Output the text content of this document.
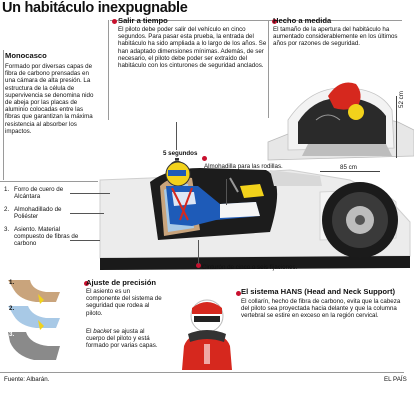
Un habitáculo inexpugnable
Monocasco
Formado por diversas capas de fibra de carbono prensadas en una cámara de alta presión. La estructura de la célula de supervivencia se denomina nido de abeja por las placas de aluminio colocadas entre las fibras que garantizan la máxima resistencia al absorber los impactos.
Salir a tiempo
El piloto debe poder salir del vehículo en cinco segundos. Para pasar esta prueba, la entrada del habitáculo ha sido ampliada a lo largo de los años. Se han adaptado dimensiones mínimas. Además, de ser necesario, el piloto debe poder ser extraído del habitáculo con los cinturones de seguridad anclados.
Hecho a medida
El tamaño de la apertura del habitáculo ha aumentado considerablemente en los últimos años por razones de seguridad.
85 cm
52 cm
5 segundos
Almohadilla para las rodillas.
Cinturón de cinco o seis fijaciones.
1. Forro de cuero de Alcántara
2. Almohadillado de Poliéster
3. Asiento. Material compuesto de fibras de carbono
1.
2.
3.
Ajuste de precisión
El asiento es un componente del sistema de seguridad que rodea al piloto.
El backet se ajusta al cuerpo del piloto y está formado por varias capas.
El sistema HANS (Head and Neck Support)
El collarín, hecho de fibra de carbono, evita que la cabeza del piloto sea proyectada hacia delante y que la columna vertebral se estire en exceso en la región cervical.
Fuente: Albarán.	EL PAÍS
